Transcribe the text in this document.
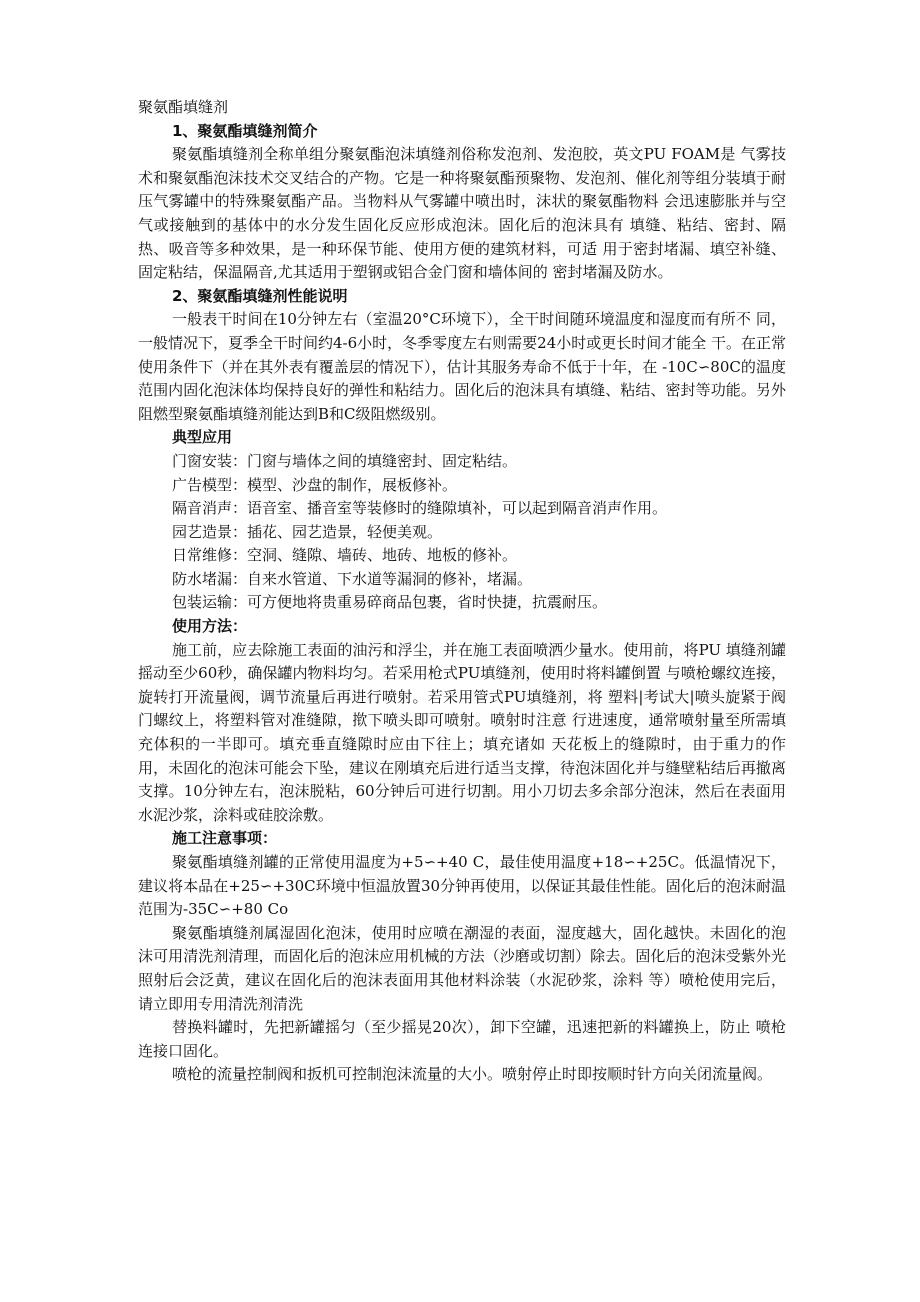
聚氨酯填缝剂

1、聚氨酯填缝剂简介

聚氨酯填缝剂全称单组分聚氨酯泡沫填缝剂俗称发泡剂、发泡胶，英文PU FOAM是 气雾技术和聚氨酯泡沫技术交叉结合的产物。它是一种将聚氨酯预聚物、发泡剂、催化剂等组分装填于耐压气雾罐中的特殊聚氨酯产品。当物料从气雾罐中喷出时，沫状的聚氨酯物料 会迅速膨胀并与空气或接触到的基体中的水分发生固化反应形成泡沫。固化后的泡沫具有 填缝、粘结、密封、隔热、吸音等多种效果，是一种环保节能、使用方便的建筑材料，可适 用于密封堵漏、填空补缝、固定粘结，保温隔音,尤其适用于塑钢或铝合金门窗和墙体间的 密封堵漏及防水。

2、聚氨酯填缝剂性能说明

一般表干时间在10分钟左右（室温20°C环境下），全干时间随环境温度和湿度而有所不 同，一般情况下，夏季全干时间约4-6小时，冬季零度左右则需要24小时或更长时间才能全 干。在正常使用条件下（并在其外表有覆盖层的情况下），估计其服务寿命不低于十年，在 -10C∽80C的温度范围内固化泡沫体均保持良好的弹性和粘结力。固化后的泡沫具有填缝、粘结、密封等功能。另外阻燃型聚氨酯填缝剂能达到B和C级阻燃级别。

典型应用

门窗安装：门窗与墙体之间的填缝密封、固定粘结。

广告模型：模型、沙盘的制作，展板修补。

隔音消声：语音室、播音室等装修时的缝隙填补，可以起到隔音消声作用。

园艺造景：插花、园艺造景，轻便美观。

日常维修：空洞、缝隙、墙砖、地砖、地板的修补。

防水堵漏：自来水管道、下水道等漏洞的修补，堵漏。

包装运输：可方便地将贵重易碎商品包裹，省时快捷，抗震耐压。

使用方法：

施工前，应去除施工表面的油污和浮尘，并在施工表面喷洒少量水。使用前，将PU 填缝剂罐摇动至少60秒，确保罐内物料均匀。若采用枪式PU填缝剂，使用时将料罐倒置 与喷枪螺纹连接，旋转打开流量阀，调节流量后再进行喷射。若采用管式PU填缝剂，将 塑料|考试大|喷头旋紧于阀门螺纹上，将塑料管对准缝隙，揿下喷头即可喷射。喷射时注意 行进速度，通常喷射量至所需填充体积的一半即可。填充垂直缝隙时应由下往上；填充诸如 天花板上的缝隙时，由于重力的作用，未固化的泡沫可能会下坠，建议在刚填充后进行适当支撑，待泡沫固化并与缝壁粘结后再撤离支撑。10分钟左右，泡沫脱粘，60分钟后可进行切割。用小刀切去多余部分泡沫，然后在表面用水泥沙浆，涂料或硅胶涂敷。

施工注意事项：

聚氨酯填缝剂罐的正常使用温度为+5∽+40 C，最佳使用温度+18∽+25C。低温情况下，建议将本品在+25∽+30C环境中恒温放置30分钟再使用，以保证其最佳性能。固化后的泡沫耐温范围为-35C∽+80 Co

聚氨酯填缝剂属湿固化泡沫，使用时应喷在潮湿的表面，湿度越大，固化越快。未固化的泡沫可用清洗剂清理，而固化后的泡沫应用机械的方法（沙磨或切割）除去。固化后的泡沫受紫外光照射后会泛黄，建议在固化后的泡沫表面用其他材料涂装（水泥砂浆，涂料 等）喷枪使用完后，请立即用专用清洗剂清洗

替换料罐时，先把新罐摇匀（至少摇晃20次），卸下空罐，迅速把新的料罐换上，防止 喷枪连接口固化。

喷枪的流量控制阀和扳机可控制泡沫流量的大小。喷射停止时即按顺时针方向关闭流量阀。
